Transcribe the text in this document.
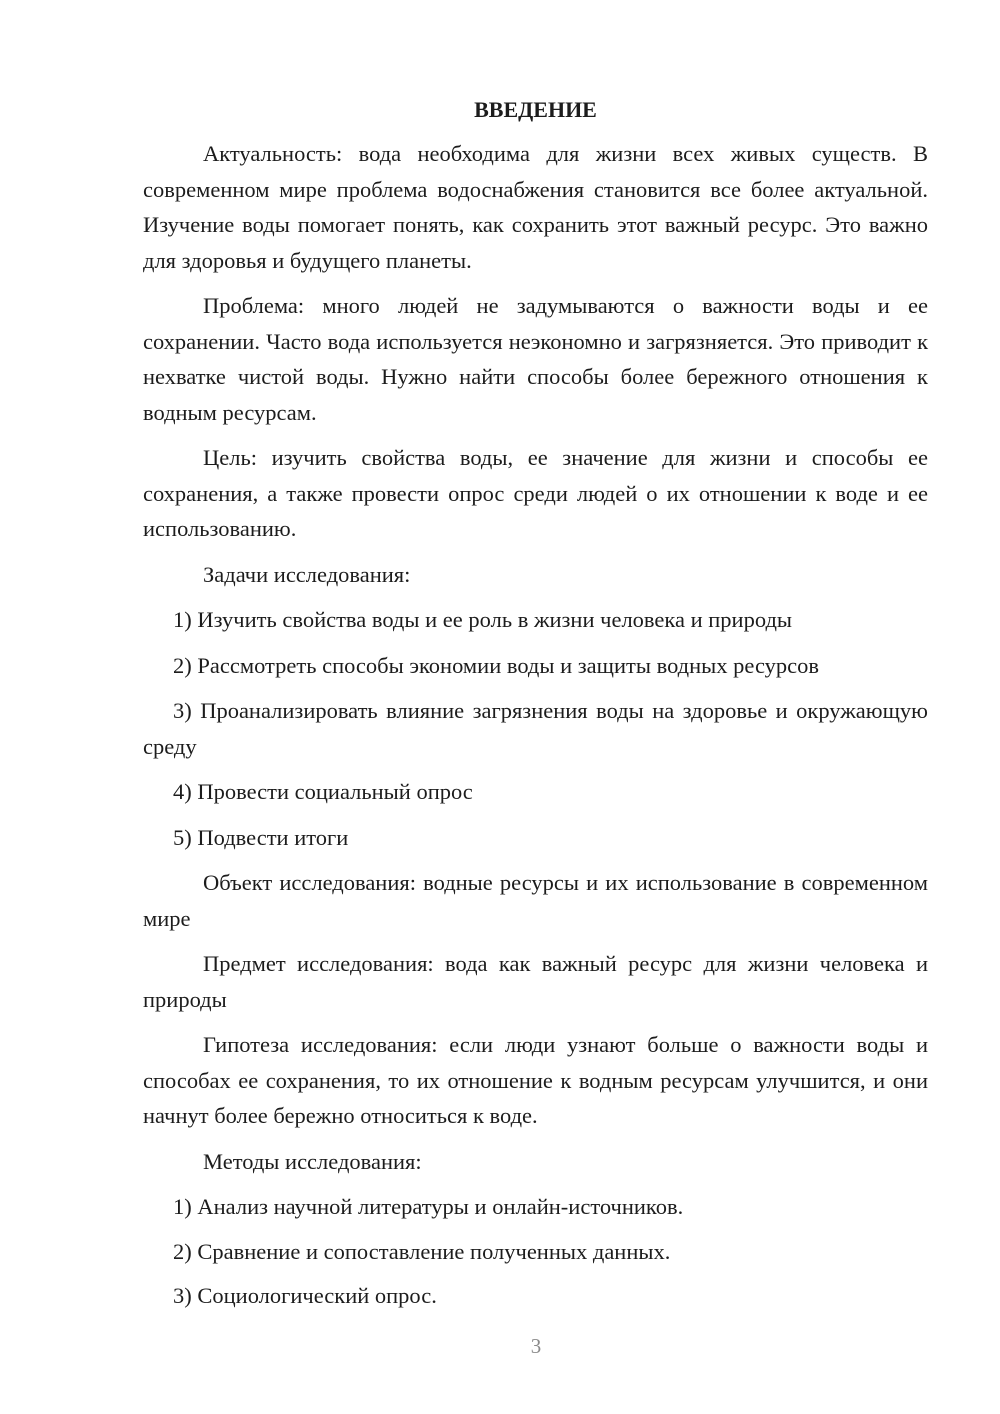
ВВЕДЕНИЕ

Актуальность: вода необходима для жизни всех живых существ. В современном мире проблема водоснабжения становится все более актуальной. Изучение воды помогает понять, как сохранить этот важный ресурс. Это важно для здоровья и будущего планеты.

Проблема: много людей не задумываются о важности воды и ее сохранении. Часто вода используется неэкономно и загрязняется. Это приводит к нехватке чистой воды. Нужно найти способы более бережного отношения к водным ресурсам.

Цель: изучить свойства воды, ее значение для жизни и способы ее сохранения, а также провести опрос среди людей о их отношении к воде и ее использованию.

Задачи исследования:

1) Изучить свойства воды и ее роль в жизни человека и природы

2) Рассмотреть способы экономии воды и защиты водных ресурсов

3) Проанализировать влияние загрязнения воды на здоровье и окружающую среду

4) Провести социальный опрос

5) Подвести итоги

Объект исследования: водные ресурсы и их использование в современном мире

Предмет исследования: вода как важный ресурс для жизни человека и природы

Гипотеза исследования: если люди узнают больше о важности воды и способах ее сохранения, то их отношение к водным ресурсам улучшится, и они начнут более бережно относиться к воде.

Методы исследования:

1) Анализ научной литературы и онлайн-источников.

2) Сравнение и сопоставление полученных данных.

3) Социологический опрос.

3
